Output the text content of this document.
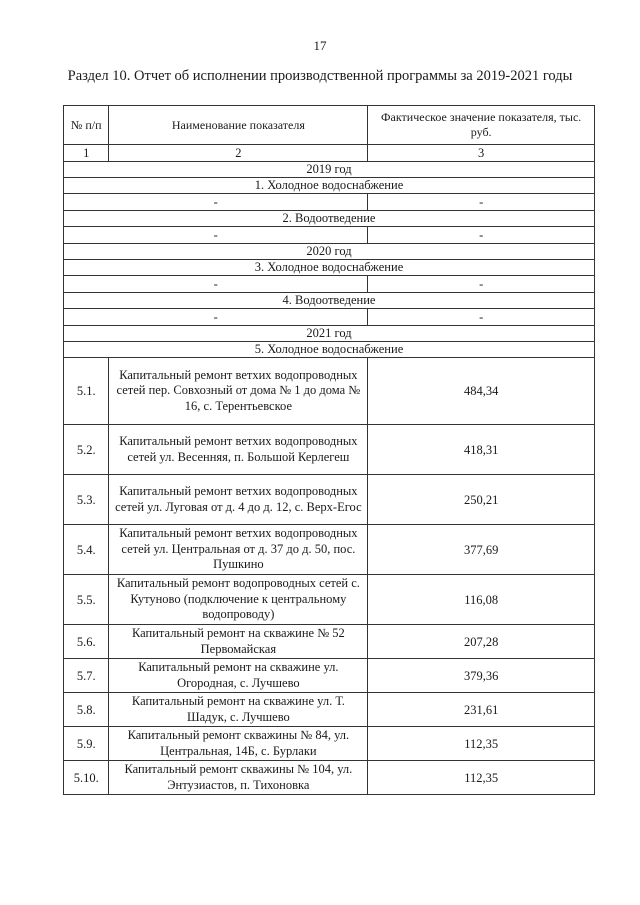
17
Раздел 10. Отчет об исполнении производственной программы за 2019-2021 годы
№ п/п	Наименование показателя	Фактическое значение показателя, тыс. руб.
1	2	3
2019 год		
1. Холодное водоснабжение		
-		-
2. Водоотведение		
-		-
2020 год		
3. Холодное водоснабжение		
-		-
4. Водоотведение		
-		-
2021 год		
5. Холодное водоснабжение		
5.1.	Капитальный ремонт ветхих водопроводных сетей пер. Совхозный от дома № 1 до дома № 16, с. Терентьевское	484,34
5.2.	Капитальный ремонт ветхих водопроводных сетей ул. Весенняя, п. Большой Керлегеш	418,31
5.3.	Капитальный ремонт ветхих водопроводных сетей ул. Луговая от д. 4 до д. 12, с. Верх-Егос	250,21
5.4.	Капитальный ремонт ветхих водопроводных сетей ул. Центральная от д. 37 до д. 50, пос. Пушкино	377,69
5.5.	Капитальный ремонт водопроводных сетей с. Кутуново (подключение к центральному водопроводу)	116,08
5.6.	Капитальный ремонт на скважине № 52 Первомайская	207,28
5.7.	Капитальный ремонт на скважине ул. Огородная, с. Лучшево	379,36
5.8.	Капитальный ремонт на скважине ул. Т. Шадук, с. Лучшево	231,61
5.9.	Капитальный ремонт скважины № 84, ул. Центральная, 14Б, с. Бурлаки	112,35
5.10.	Капитальный ремонт скважины № 104, ул. Энтузиастов, п. Тихоновка	112,35
